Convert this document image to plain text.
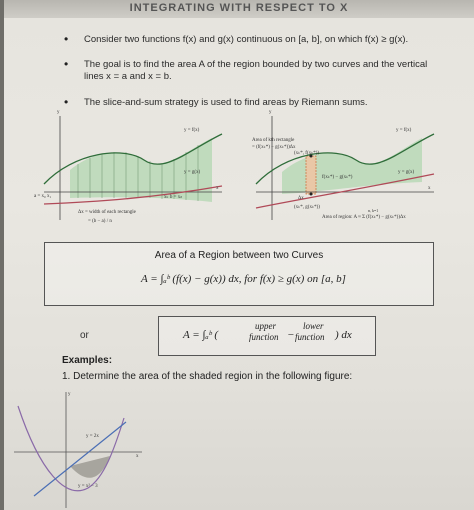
INTEGRATING WITH RESPECT TO X
•	Consider two functions f(x) and g(x) continuous on [a, b], on which f(x) ≥ g(x).
•	The goal is to find the area A of the region bounded by two curves and the vertical lines x = a and x = b.
•	The slice-and-sum strategy is used to find areas by Riemann sums.
y
x
y = f(x)
y = g(x)
a = x₀ x₁	xₖ b = xₙ
Δx = width of each rectangle
= (b − a) / n
y
x
y = f(x)
y = g(x)
Area of kth rectangle
= (f(xₖ*) − g(xₖ*))Δx
(xₖ*, f(xₖ*))
f(xₖ*) − g(xₖ*)
Δx
(xₖ*, g(xₖ*))
Area of region: A ≈ Σ (f(xₖ*) − g(xₖ*))Δx
n, k=1
Area of a Region between two Curves
A = ∫ₐᵇ (f(x) − g(x)) dx, for f(x) ≥ g(x) on [a, b]
or	A = ∫ₐᵇ (
upper
function −
lower
function ) dx
Examples:
1. Determine the area of the shaded region in the following figure:
y
x
y = 2x
y = x² − 3
